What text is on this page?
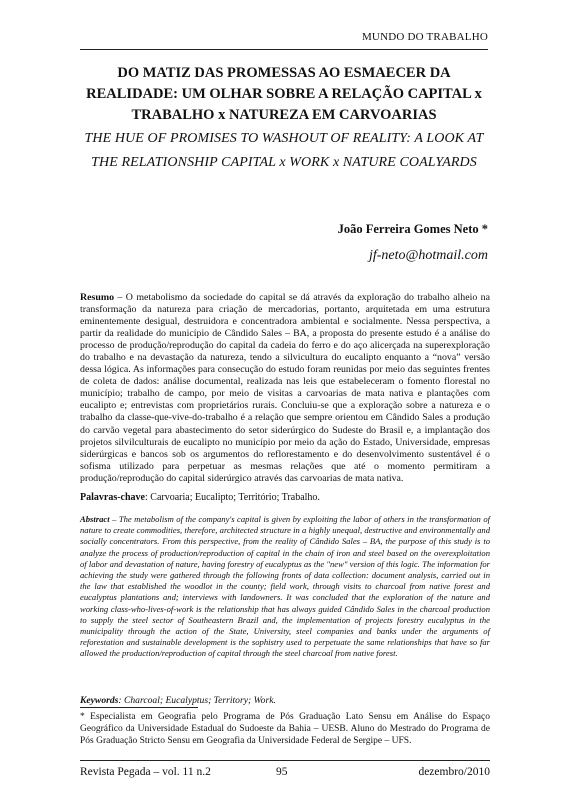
MUNDO DO TRABALHO
DO MATIZ DAS PROMESSAS AO ESMAECER DA REALIDADE: UM OLHAR SOBRE A RELAÇÃO CAPITAL x TRABALHO x NATUREZA EM CARVOARIAS
THE HUE OF PROMISES TO WASHOUT OF REALITY: A LOOK AT THE RELATIONSHIP CAPITAL x WORK x NATURE COALYARDS
João Ferreira Gomes Neto *
jf-neto@hotmail.com
Resumo – O metabolismo da sociedade do capital se dá através da exploração do trabalho alheio na transformação da natureza para criação de mercadorias, portanto, arquitetada em uma estrutura eminentemente desigual, destruidora e concentradora ambiental e socialmente. Nessa perspectiva, a partir da realidade do município de Cândido Sales – BA, a proposta do presente estudo é a análise do processo de produção/reprodução do capital da cadeia do ferro e do aço alicerçada na superexploração do trabalho e na devastação da natureza, tendo a silvicultura do eucalipto enquanto a “nova” versão dessa lógica. As informações para consecução do estudo foram reunidas por meio das seguintes frentes de coleta de dados: análise documental, realizada nas leis que estabeleceram o fomento florestal no município; trabalho de campo, por meio de visitas a carvoarias de mata nativa e plantações com eucalipto e; entrevistas com proprietários rurais. Concluiu-se que a exploração sobre a natureza e o trabalho da classe-que-vive-do-trabalho é a relação que sempre orientou em Cândido Sales a produção do carvão vegetal para abastecimento do setor siderúrgico do Sudeste do Brasil e, a implantação dos projetos silvilculturais de eucalipto no município por meio da ação do Estado, Universidade, empresas siderúrgicas e bancos sob os argumentos do reflorestamento e do desenvolvimento sustentável é o sofisma utilizado para perpetuar as mesmas relações que até o momento permitiram a produção/reprodução do capital siderúrgico através das carvoarias de mata nativa.
Palavras-chave: Carvoaria; Eucalipto; Território; Trabalho.
Abstract – The metabolism of the company's capital is given by exploiting the labor of others in the transformation of nature to create commodities, therefore, architected structure in a highly unequal, destructive and environmentally and socially concentrators. From this perspective, from the reality of Cândido Sales – BA, the purpose of this study is to analyze the process of production/reproduction of capital in the chain of iron and steel based on the overexploitation of labor and devastation of nature, having forestry of eucalyptus as the "new" version of this logic. The information for achieving the study were gathered through the following fronts of data collection: document analysis, carried out in the law that established the woodlot in the county; field work, through visits to charcoal from native forest and eucalyptus plantations and; interviews with landowners. It was concluded that the exploration of the nature and working class-who-lives-of-work is the relationship that has always guided Cândido Sales in the charcoal production to supply the steel sector of Southeastern Brazil and, the implementation of projects forestry eucalyptus in the municipality through the action of the State, University, steel companies and banks under the arguments of reforestation and sustainable development is the sophistry used to perpetuate the same relationships that have so far allowed the production/reproduction of capital through the steel charcoal from native forest.
Keywords: Charcoal; Eucalyptus; Territory; Work.
* Especialista em Geografia pelo Programa de Pós Graduação Lato Sensu em Análise do Espaço Geográfico da Universidade Estadual do Sudoeste da Bahia – UESB. Aluno do Mestrado do Programa de Pós Graduação Stricto Sensu em Geografia da Universidade Federal de Sergipe – UFS.
Revista Pegada – vol. 11 n.2	95	dezembro/2010
